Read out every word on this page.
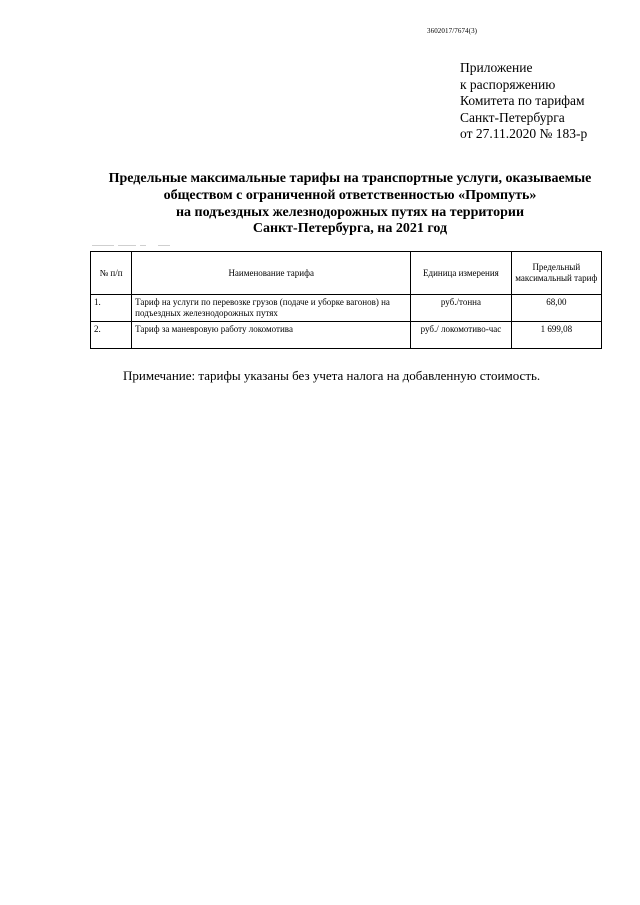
3602017/7674(3)
Приложение
к распоряжению
Комитета по тарифам
Санкт-Петербурга
от 27.11.2020 № 183-р
Предельные максимальные тарифы на транспортные услуги, оказываемые
обществом с ограниченной ответственностью «Промпуть»
на подъездных железнодорожных путях на территории
Санкт-Петербурга, на 2021 год
№ п/п	Наименование тарифа	Единица измерения	Предельный максимальный тариф
1.	Тариф на услуги по перевозке грузов (подаче и уборке вагонов) на подъездных железнодорожных путях	руб./тонна	68,00
2.	Тариф за маневровую работу локомотива	руб./ локомотиво-час	1 699,08
Примечание: тарифы указаны без учета налога на добавленную стоимость.
